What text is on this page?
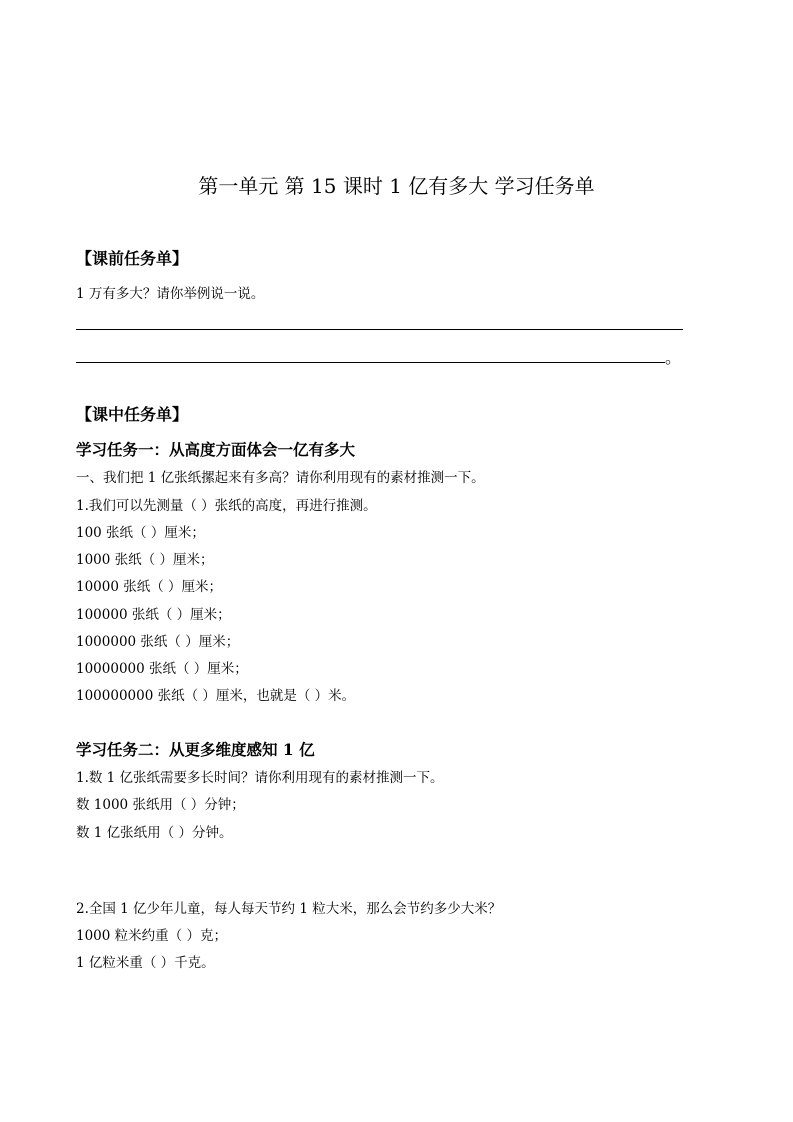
第一单元 第 15 课时 1 亿有多大 学习任务单
【课前任务单】
1 万有多大？请你举例说一说。
。
【课中任务单】
学习任务一：从高度方面体会一亿有多大
一、我们把 1 亿张纸摞起来有多高？请你利用现有的素材推测一下。
1.我们可以先测量（ ）张纸的高度，再进行推测。
100 张纸（ ）厘米；
1000 张纸（ ）厘米；
10000 张纸（ ）厘米；
100000 张纸（ ）厘米；
1000000 张纸（ ）厘米；
10000000 张纸（ ）厘米；
100000000 张纸（ ）厘米，也就是（ ）米。
学习任务二：从更多维度感知 1 亿
1.数 1 亿张纸需要多长时间？请你利用现有的素材推测一下。
数 1000 张纸用（ ）分钟；
数 1 亿张纸用（ ）分钟。
2.全国 1 亿少年儿童，每人每天节约 1 粒大米，那么会节约多少大米？
1000 粒米约重（ ）克；
1 亿粒米重（ ）千克。
